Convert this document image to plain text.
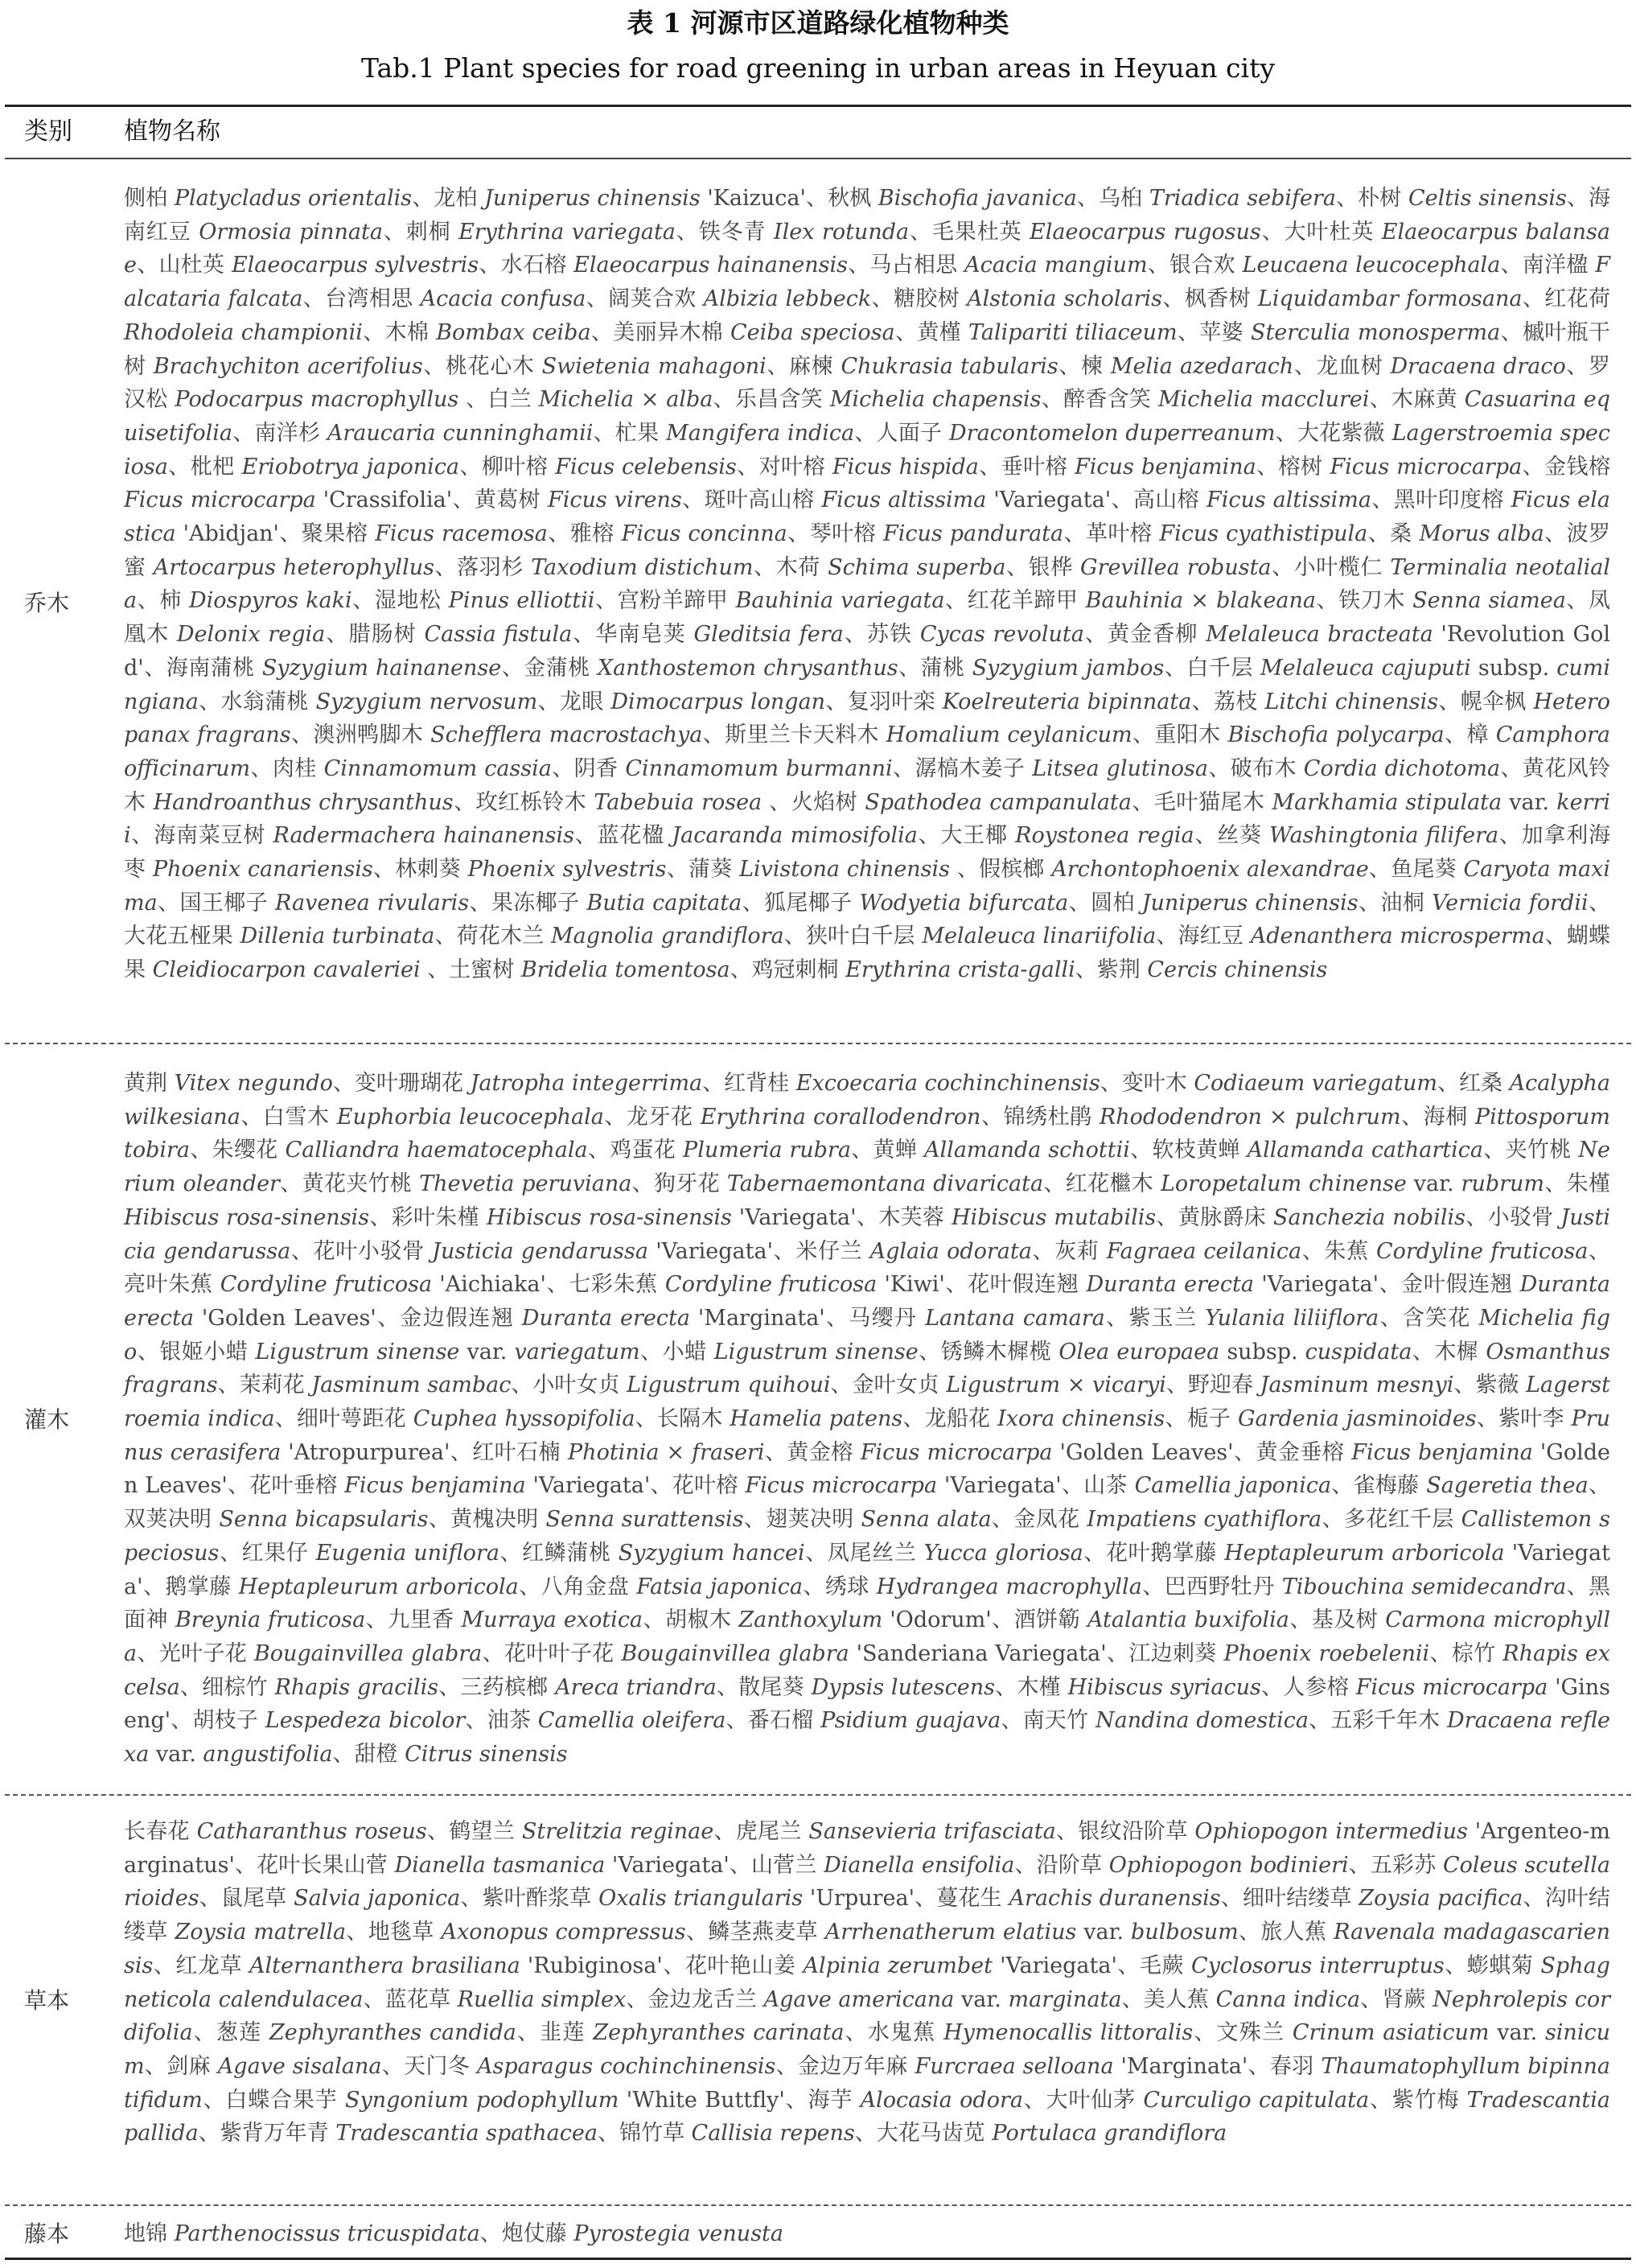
表 1 河源市区道路绿化植物种类
Tab.1 Plant species for road greening in urban areas in Heyuan city
类别 植物名称
乔木
侧柏 Platycladus orientalis、龙柏 Juniperus chinensis 'Kaizuca'、秋枫 Bischofia javanica、乌桕 Triadica sebifera、朴树 Celtis sinensis、海南红豆 Ormosia pinnata、刺桐 Erythrina variegata、铁冬青 Ilex rotunda、毛果杜英 Elaeocarpus rugosus、大叶杜英 Elaeocarpus balansae、山杜英 Elaeocarpus sylvestris、水石榕 Elaeocarpus hainanensis、马占相思 Acacia mangium、银合欢 Leucaena leucocephala、南洋楹 Falcataria falcata、台湾相思 Acacia confusa、阔荚合欢 Albizia lebbeck、糖胶树 Alstonia scholaris、枫香树 Liquidambar formosana、红花荷 Rhodoleia championii、木棉 Bombax ceiba、美丽异木棉 Ceiba speciosa、黄槿 Talipariti tiliaceum、苹婆 Sterculia monosperma、槭叶瓶干树 Brachychiton acerifolius、桃花心木 Swietenia mahagoni、麻楝 Chukrasia tabularis、楝 Melia azedarach、龙血树 Dracaena draco、罗汉松 Podocarpus macrophyllus 、白兰 Michelia × alba、乐昌含笑 Michelia chapensis、醉香含笑 Michelia macclurei、木麻黄 Casuarina equisetifolia、南洋杉 Araucaria cunninghamii、杧果 Mangifera indica、人面子 Dracontomelon duperreanum、大花紫薇 Lagerstroemia speciosa、枇杷 Eriobotrya japonica、柳叶榕 Ficus celebensis、对叶榕 Ficus hispida、垂叶榕 Ficus benjamina、榕树 Ficus microcarpa、金钱榕 Ficus microcarpa 'Crassifolia'、黄葛树 Ficus virens、斑叶高山榕 Ficus altissima 'Variegata'、高山榕 Ficus altissima、黑叶印度榕 Ficus elastica 'Abidjan'、聚果榕 Ficus racemosa、雅榕 Ficus concinna、琴叶榕 Ficus pandurata、革叶榕 Ficus cyathistipula、桑 Morus alba、波罗蜜 Artocarpus heterophyllus、落羽杉 Taxodium distichum、木荷 Schima superba、银桦 Grevillea robusta、小叶榄仁 Terminalia neotaliala、柿 Diospyros kaki、湿地松 Pinus elliottii、宫粉羊蹄甲 Bauhinia variegata、红花羊蹄甲 Bauhinia × blakeana、铁刀木 Senna siamea、凤凰木 Delonix regia、腊肠树 Cassia fistula、华南皂荚 Gleditsia fera、苏铁 Cycas revoluta、黄金香柳 Melaleuca bracteata 'Revolution Gold'、海南蒲桃 Syzygium hainanense、金蒲桃 Xanthostemon chrysanthus、蒲桃 Syzygium jambos、白千层 Melaleuca cajuputi subsp. cumingiana、水翁蒲桃 Syzygium nervosum、龙眼 Dimocarpus longan、复羽叶栾 Koelreuteria bipinnata、荔枝 Litchi chinensis、幌伞枫 Heteropanax fragrans、澳洲鸭脚木 Schefflera macrostachya、斯里兰卡天料木 Homalium ceylanicum、重阳木 Bischofia polycarpa、樟 Camphora officinarum、肉桂 Cinnamomum cassia、阴香 Cinnamomum burmanni、潺槁木姜子 Litsea glutinosa、破布木 Cordia dichotoma、黄花风铃木 Handroanthus chrysanthus、玫红栎铃木 Tabebuia rosea 、火焰树 Spathodea campanulata、毛叶猫尾木 Markhamia stipulata var. kerrii、海南菜豆树 Radermachera hainanensis、蓝花楹 Jacaranda mimosifolia、大王椰 Roystonea regia、丝葵 Washingtonia filifera、加拿利海枣 Phoenix canariensis、林刺葵 Phoenix sylvestris、蒲葵 Livistona chinensis 、假槟榔 Archontophoenix alexandrae、鱼尾葵 Caryota maxima、国王椰子 Ravenea rivularis、果冻椰子 Butia capitata、狐尾椰子 Wodyetia bifurcata、圆柏 Juniperus chinensis、油桐 Vernicia fordii、大花五桠果 Dillenia turbinata、荷花木兰 Magnolia grandiflora、狭叶白千层 Melaleuca linariifolia、海红豆 Adenanthera microsperma、蝴蝶果 Cleidiocarpon cavaleriei 、土蜜树 Bridelia tomentosa、鸡冠刺桐 Erythrina crista-galli、紫荆 Cercis chinensis
灌木
黄荆 Vitex negundo、变叶珊瑚花 Jatropha integerrima、红背桂 Excoecaria cochinchinensis、变叶木 Codiaeum variegatum、红桑 Acalypha wilkesiana、白雪木 Euphorbia leucocephala、龙牙花 Erythrina corallodendron、锦绣杜鹃 Rhododendron × pulchrum、海桐 Pittosporum tobira、朱缨花 Calliandra haematocephala、鸡蛋花 Plumeria rubra、黄蝉 Allamanda schottii、软枝黄蝉 Allamanda cathartica、夹竹桃 Nerium oleander、黄花夹竹桃 Thevetia peruviana、狗牙花 Tabernaemontana divaricata、红花檵木 Loropetalum chinense var. rubrum、朱槿 Hibiscus rosa-sinensis、彩叶朱槿 Hibiscus rosa-sinensis 'Variegata'、木芙蓉 Hibiscus mutabilis、黄脉爵床 Sanchezia nobilis、小驳骨 Justicia gendarussa、花叶小驳骨 Justicia gendarussa 'Variegata'、米仔兰 Aglaia odorata、灰莉 Fagraea ceilanica、朱蕉 Cordyline fruticosa、亮叶朱蕉 Cordyline fruticosa 'Aichiaka'、七彩朱蕉 Cordyline fruticosa 'Kiwi'、花叶假连翘 Duranta erecta 'Variegata'、金叶假连翘 Duranta erecta 'Golden Leaves'、金边假连翘 Duranta erecta 'Marginata'、马缨丹 Lantana camara、紫玉兰 Yulania liliiflora、含笑花 Michelia figo、银姬小蜡 Ligustrum sinense var. variegatum、小蜡 Ligustrum sinense、锈鳞木樨榄 Olea europaea subsp. cuspidata、木樨 Osmanthus fragrans、茉莉花 Jasminum sambac、小叶女贞 Ligustrum quihoui、金叶女贞 Ligustrum × vicaryi、野迎春 Jasminum mesnyi、紫薇 Lagerstroemia indica、细叶萼距花 Cuphea hyssopifolia、长隔木 Hamelia patens、龙船花 Ixora chinensis、栀子 Gardenia jasminoides、紫叶李 Prunus cerasifera 'Atropurpurea'、红叶石楠 Photinia × fraseri、黄金榕 Ficus microcarpa 'Golden Leaves'、黄金垂榕 Ficus benjamina 'Golden Leaves'、花叶垂榕 Ficus benjamina 'Variegata'、花叶榕 Ficus microcarpa 'Variegata'、山茶 Camellia japonica、雀梅藤 Sageretia thea、双荚决明 Senna bicapsularis、黄槐决明 Senna surattensis、翅荚决明 Senna alata、金凤花 Impatiens cyathiflora、多花红千层 Callistemon speciosus、红果仔 Eugenia uniflora、红鳞蒲桃 Syzygium hancei、凤尾丝兰 Yucca gloriosa、花叶鹅掌藤 Heptapleurum arboricola 'Variegata'、鹅掌藤 Heptapleurum arboricola、八角金盘 Fatsia japonica、绣球 Hydrangea macrophylla、巴西野牡丹 Tibouchina semidecandra、黑面神 Breynia fruticosa、九里香 Murraya exotica、胡椒木 Zanthoxylum 'Odorum'、酒饼簕 Atalantia buxifolia、基及树 Carmona microphylla、光叶子花 Bougainvillea glabra、花叶叶子花 Bougainvillea glabra 'Sanderiana Variegata'、江边刺葵 Phoenix roebelenii、棕竹 Rhapis excelsa、细棕竹 Rhapis gracilis、三药槟榔 Areca triandra、散尾葵 Dypsis lutescens、木槿 Hibiscus syriacus、人参榕 Ficus microcarpa 'Ginseng'、胡枝子 Lespedeza bicolor、油茶 Camellia oleifera、番石榴 Psidium guajava、南天竹 Nandina domestica、五彩千年木 Dracaena reflexa var. angustifolia、甜橙 Citrus sinensis
草本
长春花 Catharanthus roseus、鹤望兰 Strelitzia reginae、虎尾兰 Sansevieria trifasciata、银纹沿阶草 Ophiopogon intermedius 'Argenteo-marginatus'、花叶长果山菅 Dianella tasmanica 'Variegata'、山菅兰 Dianella ensifolia、沿阶草 Ophiopogon bodinieri、五彩苏 Coleus scutellarioides、鼠尾草 Salvia japonica、紫叶酢浆草 Oxalis triangularis 'Urpurea'、蔓花生 Arachis duranensis、细叶结缕草 Zoysia pacifica、沟叶结缕草 Zoysia matrella、地毯草 Axonopus compressus、鳞茎燕麦草 Arrhenatherum elatius var. bulbosum、旅人蕉 Ravenala madagascariensis、红龙草 Alternanthera brasiliana 'Rubiginosa'、花叶艳山姜 Alpinia zerumbet 'Variegata'、毛蕨 Cyclosorus interruptus、蟛蜞菊 Sphagneticola calendulacea、蓝花草 Ruellia simplex、金边龙舌兰 Agave americana var. marginata、美人蕉 Canna indica、肾蕨 Nephrolepis cordifolia、葱莲 Zephyranthes candida、韭莲 Zephyranthes carinata、水鬼蕉 Hymenocallis littoralis、文殊兰 Crinum asiaticum var. sinicum、剑麻 Agave sisalana、天门冬 Asparagus cochinchinensis、金边万年麻 Furcraea selloana 'Marginata'、春羽 Thaumatophyllum bipinnatifidum、白蝶合果芋 Syngonium podophyllum 'White Buttfly'、海芋 Alocasia odora、大叶仙茅 Curculigo capitulata、紫竹梅 Tradescantia pallida、紫背万年青 Tradescantia spathacea、锦竹草 Callisia repens、大花马齿苋 Portulaca grandiflora
藤本	地锦 Parthenocissus tricuspidata、炮仗藤 Pyrostegia venusta
